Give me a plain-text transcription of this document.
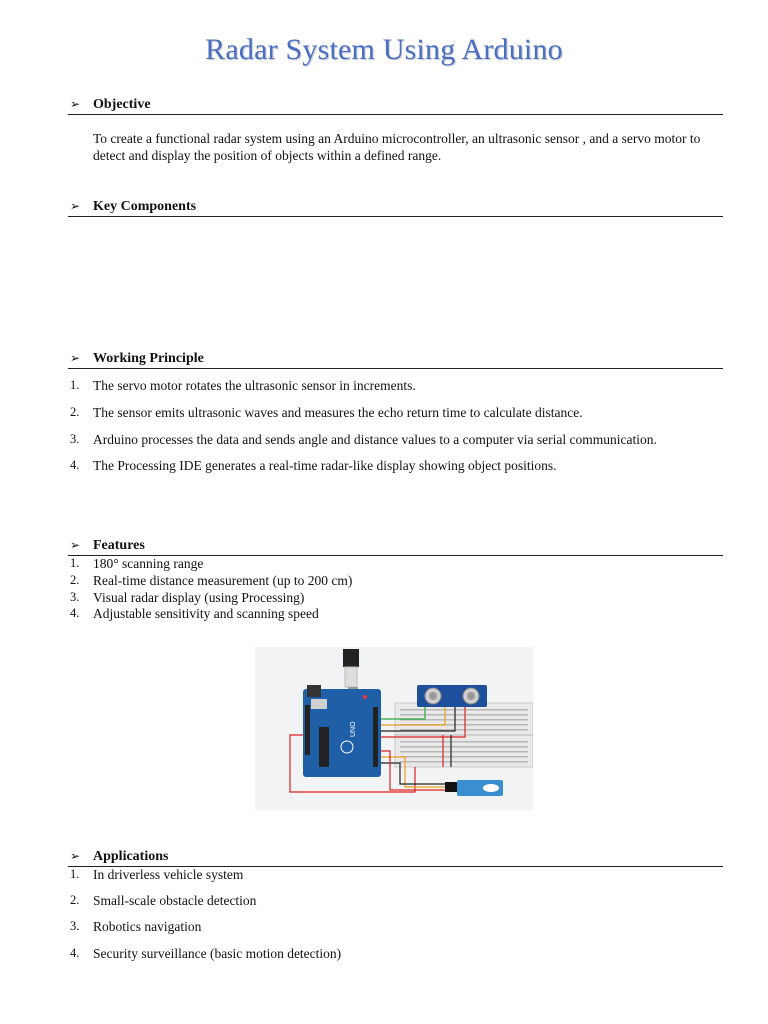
Radar System Using Arduino
➢ Objective
To create a functional radar system using an Arduino microcontroller, an ultrasonic sensor , and a servo motor to detect and display the position of objects within a defined range.
➢ Key Components
➢ Working Principle
1. The servo motor rotates the ultrasonic sensor in increments.
2. The sensor emits ultrasonic waves and measures the echo return time to calculate distance.
3. Arduino processes the data and sends angle and distance values to a computer via serial communication.
4. The Processing IDE generates a real-time radar-like display showing object positions.
➢ Features
1. 180° scanning range
2. Real-time distance measurement (up to 200 cm)
3. Visual radar display (using Processing)
4. Adjustable sensitivity and scanning speed
UNO
➢ Applications
1. In driverless vehicle system
2. Small-scale obstacle detection
3. Robotics navigation
4. Security surveillance (basic motion detection)
